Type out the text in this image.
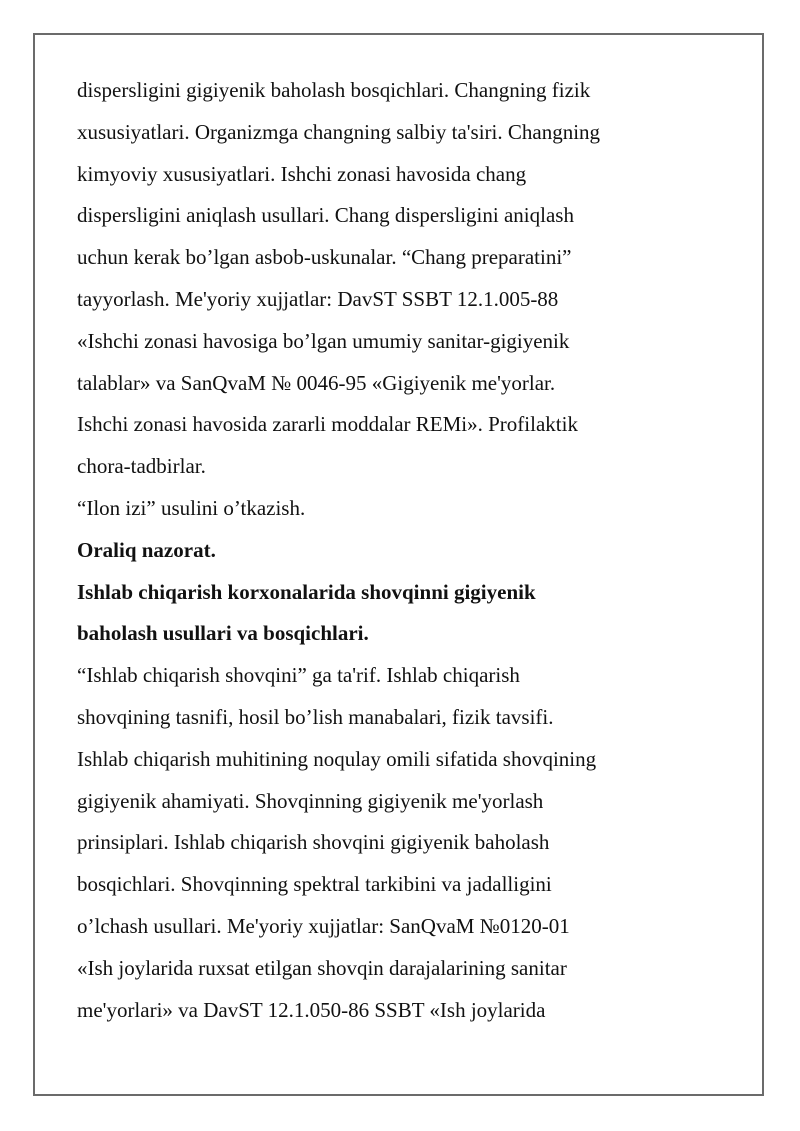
dispersligini gigiyenik baholash bosqichlari. Changning fizik
xususiyatlari. Organizmga changning salbiy ta'siri. Changning
kimyoviy xususiyatlari. Ishchi zonasi havosida chang
dispersligini aniqlash usullari. Chang dispersligini aniqlash
uchun kerak bo’lgan asbob-uskunalar. “Chang preparatini”
tayyorlash. Me'yoriy xujjatlar: DavST SSBT 12.1.005-88
«Ishchi zonasi havosiga bo’lgan umumiy sanitar-gigiyenik
talablar» va SanQvaM № 0046-95 «Gigiyenik me'yorlar.
Ishchi zonasi havosida zararli moddalar REMi». Profilaktik
chora-tadbirlar.
“Ilon izi” usulini o’tkazish.
Oraliq nazorat.
Ishlab chiqarish korxonalarida shovqinni gigiyenik
baholash usullari va bosqichlari.
“Ishlab chiqarish shovqini” ga ta'rif. Ishlab chiqarish
shovqining tasnifi, hosil bo’lish manabalari, fizik tavsifi.
Ishlab chiqarish muhitining noqulay omili sifatida shovqining
gigiyenik ahamiyati. Shovqinning gigiyenik me'yorlash
prinsiplari. Ishlab chiqarish shovqini gigiyenik baholash
bosqichlari. Shovqinning spektral tarkibini va jadalligini
o’lchash usullari. Me'yoriy xujjatlar: SanQvaM №0120-01
«Ish joylarida ruxsat etilgan shovqin darajalarining sanitar
me'yorlari» va DavST 12.1.050-86 SSBT «Ish joylarida
